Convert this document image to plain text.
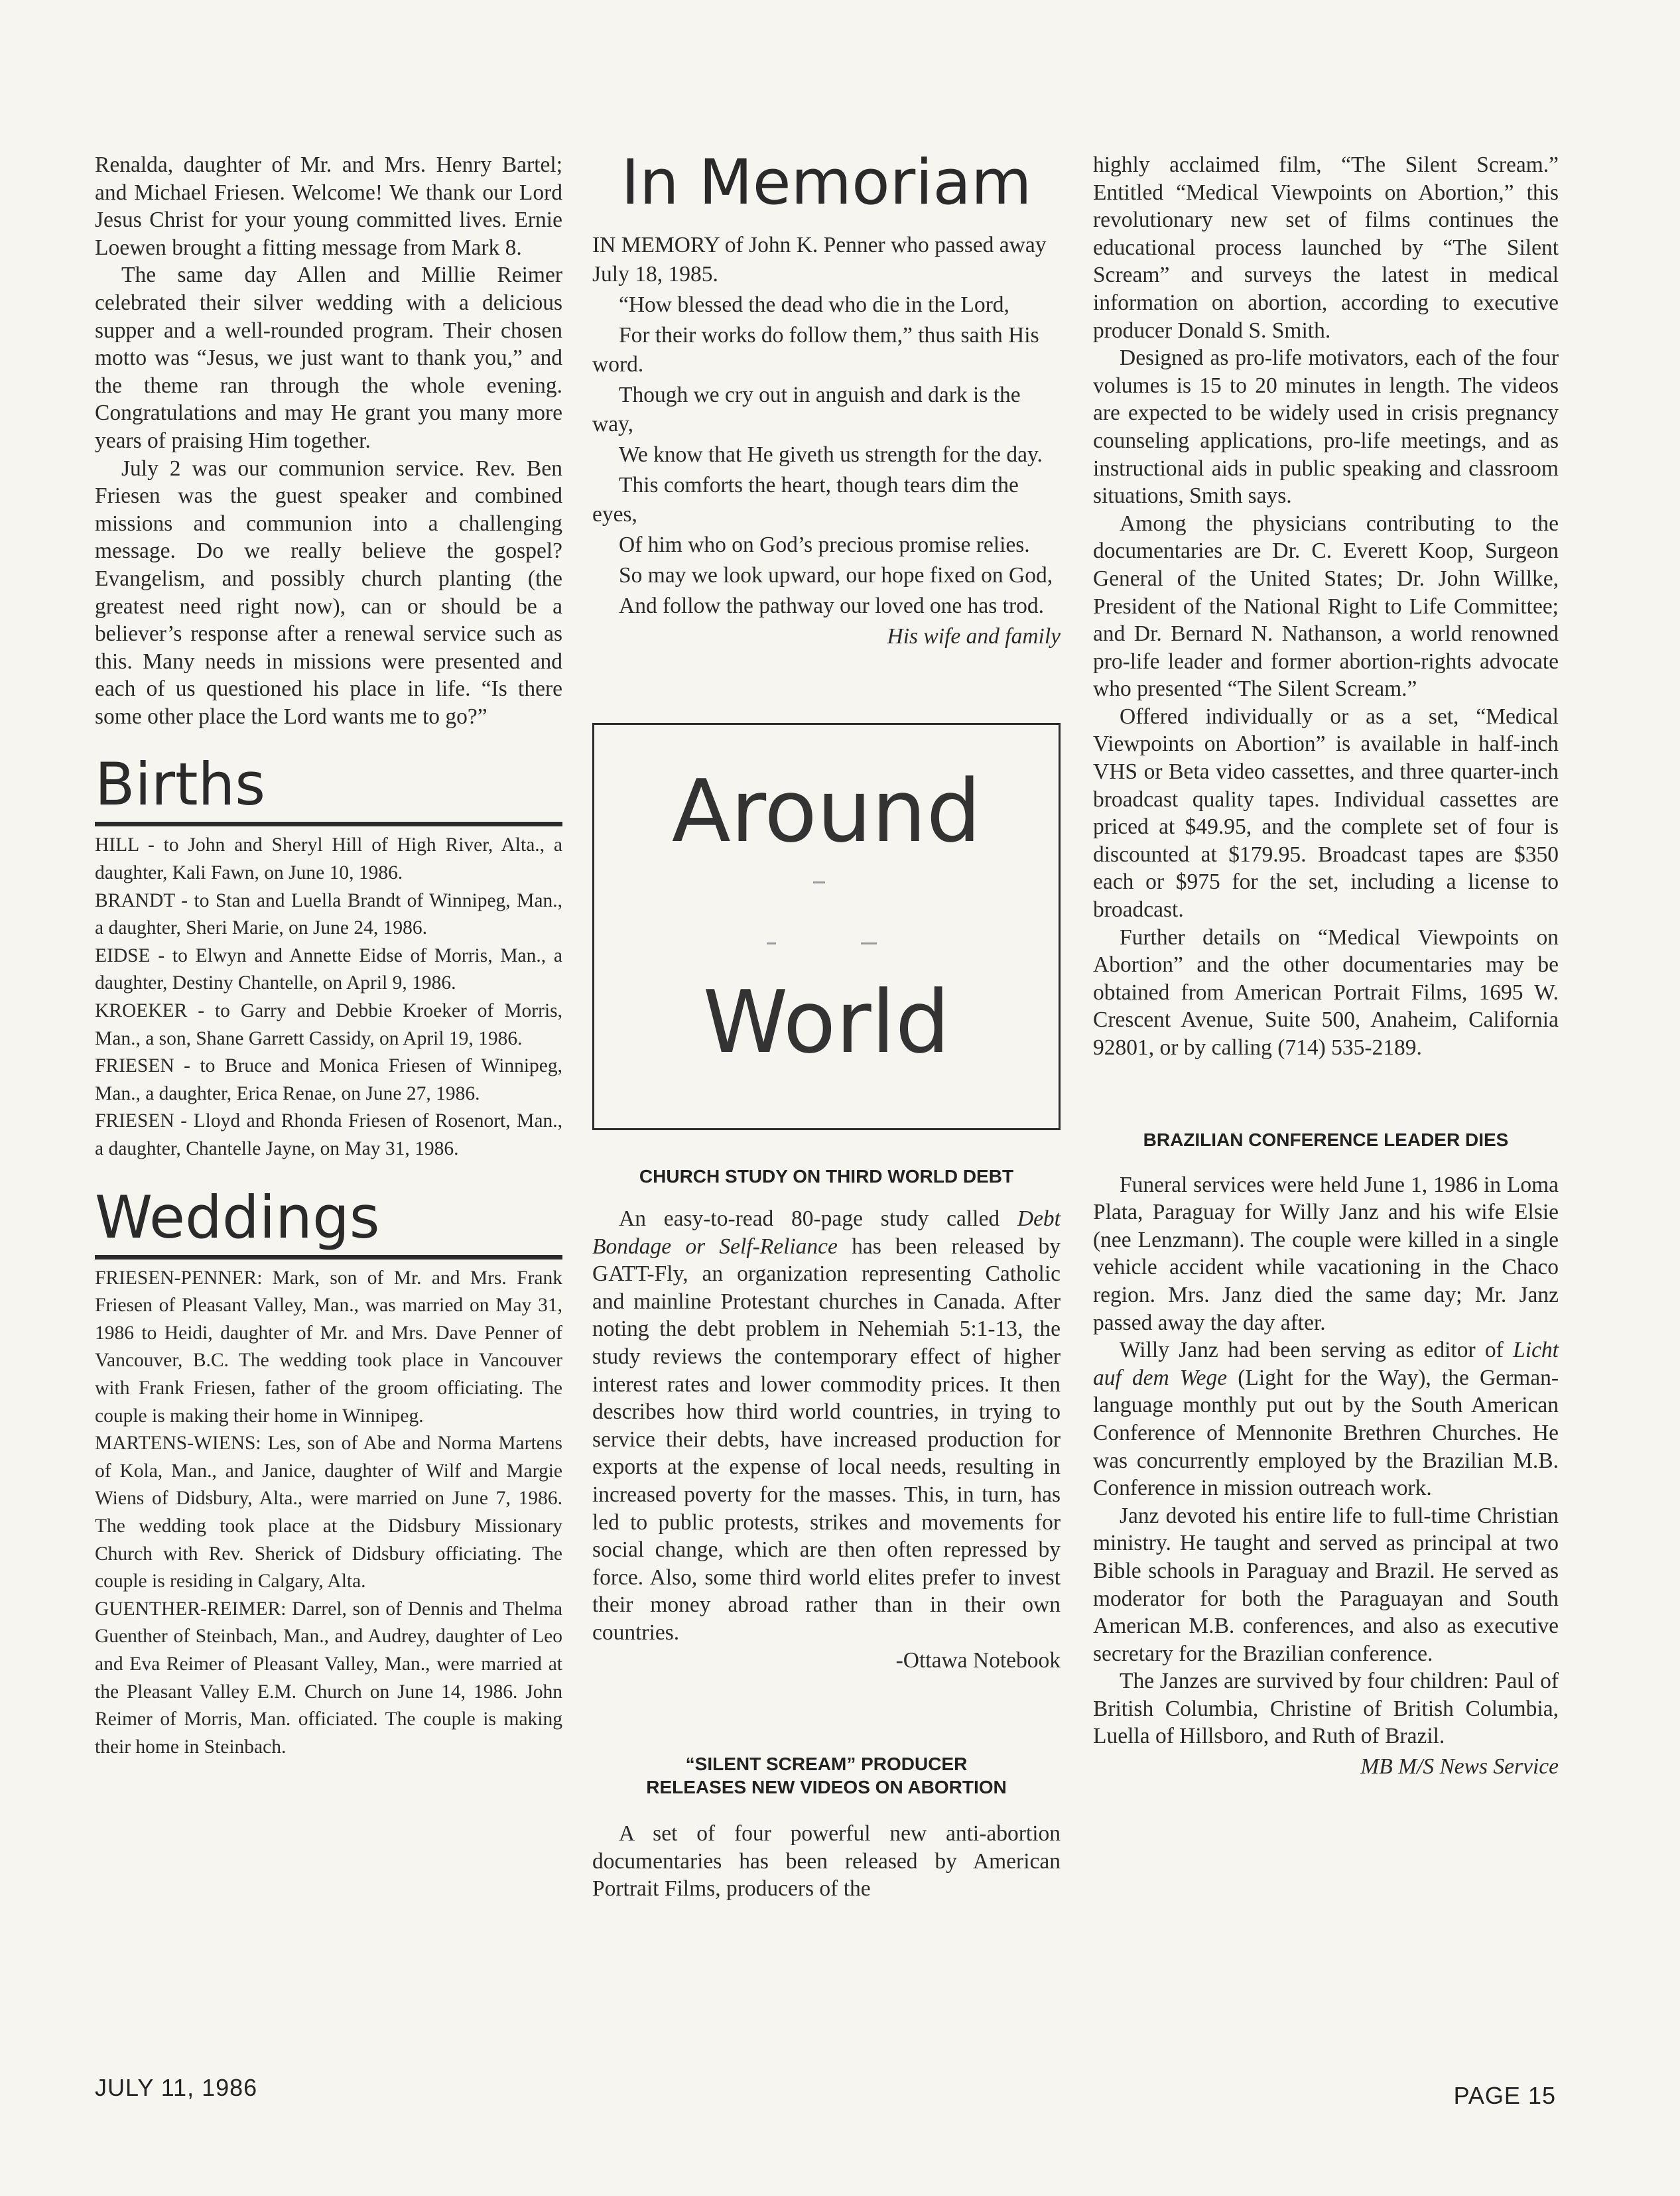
Renalda, daughter of Mr. and Mrs. Henry Bartel; and Michael Friesen. Welcome! We thank our Lord Jesus Christ for your young committed lives. Ernie Loewen brought a fitting message from Mark 8.

The same day Allen and Millie Reimer celebrated their silver wedding with a delicious supper and a well-rounded program. Their chosen motto was “Jesus, we just want to thank you,” and the theme ran through the whole evening. Congratulations and may He grant you many more years of praising Him together.

July 2 was our communion service. Rev. Ben Friesen was the guest speaker and combined missions and communion into a challenging message. Do we really believe the gospel? Evangelism, and possibly church planting (the greatest need right now), can or should be a believer’s response after a renewal service such as this. Many needs in missions were presented and each of us questioned his place in life. “Is there some other place the Lord wants me to go?”

Births

HILL - to John and Sheryl Hill of High River, Alta., a daughter, Kali Fawn, on June 10, 1986.

BRANDT - to Stan and Luella Brandt of Winnipeg, Man., a daughter, Sheri Marie, on June 24, 1986.

EIDSE - to Elwyn and Annette Eidse of Morris, Man., a daughter, Destiny Chantelle, on April 9, 1986.

KROEKER - to Garry and Debbie Kroeker of Morris, Man., a son, Shane Garrett Cassidy, on April 19, 1986.

FRIESEN - to Bruce and Monica Friesen of Winnipeg, Man., a daughter, Erica Renae, on June 27, 1986.

FRIESEN - Lloyd and Rhonda Friesen of Rosenort, Man., a daughter, Chantelle Jayne, on May 31, 1986.

Weddings

FRIESEN-PENNER: Mark, son of Mr. and Mrs. Frank Friesen of Pleasant Valley, Man., was married on May 31, 1986 to Heidi, daughter of Mr. and Mrs. Dave Penner of Vancouver, B.C. The wedding took place in Vancouver with Frank Friesen, father of the groom officiating. The couple is making their home in Winnipeg.

MARTENS-WIENS: Les, son of Abe and Norma Martens of Kola, Man., and Janice, daughter of Wilf and Margie Wiens of Didsbury, Alta., were married on June 7, 1986. The wedding took place at the Didsbury Missionary Church with Rev. Sherick of Didsbury officiating. The couple is residing in Calgary, Alta.

GUENTHER-REIMER: Darrel, son of Dennis and Thelma Guenther of Steinbach, Man., and Audrey, daughter of Leo and Eva Reimer of Pleasant Valley, Man., were married at the Pleasant Valley E.M. Church on June 14, 1986. John Reimer of Morris, Man. officiated. The couple is making their home in Steinbach.

In Memoriam

IN MEMORY of John K. Penner who passed away July 18, 1985.

“How blessed the dead who die in the Lord,

For their works do follow them,” thus saith His word.

Though we cry out in anguish and dark is the way,

We know that He giveth us strength for the day.

This comforts the heart, though tears dim the eyes,

Of him who on God’s precious promise relies.

So may we look upward, our hope fixed on God,

And follow the pathway our loved one has trod.

His wife and family

Around
World
CHURCH STUDY ON THIRD WORLD DEBT

An easy-to-read 80-page study called Debt Bondage or Self-Reliance has been released by GATT-Fly, an organization representing Catholic and mainline Protestant churches in Canada. After noting the debt problem in Nehemiah 5:1-13, the study reviews the contemporary effect of higher interest rates and lower commodity prices. It then describes how third world countries, in trying to service their debts, have increased production for exports at the expense of local needs, resulting in increased poverty for the masses. This, in turn, has led to public protests, strikes and movements for social change, which are then often repressed by force. Also, some third world elites prefer to invest their money abroad rather than in their own countries.

-Ottawa Notebook

“SILENT SCREAM” PRODUCER
RELEASES NEW VIDEOS ON ABORTION

A set of four powerful new anti-abortion documentaries has been released by American Portrait Films, producers of the

highly acclaimed film, “The Silent Scream.” Entitled “Medical Viewpoints on Abortion,” this revolutionary new set of films continues the educational process launched by “The Silent Scream” and surveys the latest in medical information on abortion, according to executive producer Donald S. Smith.

Designed as pro-life motivators, each of the four volumes is 15 to 20 minutes in length. The videos are expected to be widely used in crisis pregnancy counseling applications, pro-life meetings, and as instructional aids in public speaking and classroom situations, Smith says.

Among the physicians contributing to the documentaries are Dr. C. Everett Koop, Surgeon General of the United States; Dr. John Willke, President of the National Right to Life Committee; and Dr. Bernard N. Nathanson, a world renowned pro-life leader and former abortion-rights advocate who presented “The Silent Scream.”

Offered individually or as a set, “Medical Viewpoints on Abortion” is available in half-inch VHS or Beta video cassettes, and three quarter-inch broadcast quality tapes. Individual cassettes are priced at $49.95, and the complete set of four is discounted at $179.95. Broadcast tapes are $350 each or $975 for the set, including a license to broadcast.

Further details on “Medical Viewpoints on Abortion” and the other documentaries may be obtained from American Portrait Films, 1695 W. Crescent Avenue, Suite 500, Anaheim, California 92801, or by calling (714) 535-2189.

BRAZILIAN CONFERENCE LEADER DIES

Funeral services were held June 1, 1986 in Loma Plata, Paraguay for Willy Janz and his wife Elsie (nee Lenzmann). The couple were killed in a single vehicle accident while vacationing in the Chaco region. Mrs. Janz died the same day; Mr. Janz passed away the day after.

Willy Janz had been serving as editor of Licht auf dem Wege (Light for the Way), the German-language monthly put out by the South American Conference of Mennonite Brethren Churches. He was concurrently employed by the Brazilian M.B. Conference in mission outreach work.

Janz devoted his entire life to full-time Christian ministry. He taught and served as principal at two Bible schools in Paraguay and Brazil. He served as moderator for both the Paraguayan and South American M.B. conferences, and also as executive secretary for the Brazilian conference.

The Janzes are survived by four children: Paul of British Columbia, Christine of British Columbia, Luella of Hillsboro, and Ruth of Brazil.

MB M/S News Service

JULY 11, 1986	PAGE 15
